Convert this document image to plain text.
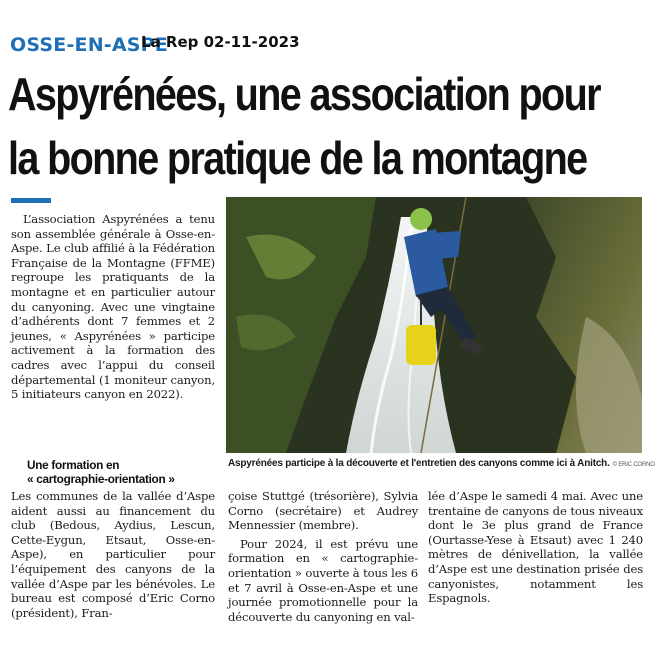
OSSE-EN-ASPE
La Rep 02-11-2023
Aspyrénées, une association pour
la bonne pratique de la montagne
L’association Aspyrénées a tenu son assemblée générale à Osse-en-Aspe. Le club affilié à la Fédération Française de la Montagne (FFME) regroupe les pratiquants de la montagne et en particulier autour du canyoning. Avec une vingtaine d’adhérents dont 7 femmes et 2 jeunes, « Aspyrénées » participe activement à la formation des cadres avec l’appui du conseil départemental (1 moniteur canyon, 5 initiateurs canyon en 2022).
Aspyrénées participe à la découverte et l'entretien des canyons comme ici à Anitch. © ERIC CORNO
Une formation en
« cartographie-orientation »
Les communes de la vallée d’Aspe aident aussi au financement du club (Bedous, Aydius, Lescun, Cette-Eygun, Etsaut, Osse-en-Aspe), en particulier pour l’équipement des canyons de la vallée d’Aspe par les bénévoles. Le bureau est composé d’Eric Corno (président), Fran-
çoise Stuttgé (trésorière), Sylvia Corno (secrétaire) et Audrey Mennessier (membre).
Pour 2024, il est prévu une formation en « cartographie-orientation » ouverte à tous les 6 et 7 avril à Osse-en-Aspe et une journée promotionnelle pour la découverte du canyoning en val-
lée d’Aspe le samedi 4 mai. Avec une trentaine de canyons de tous niveaux dont le 3e plus grand de France (Ourtasse-Yese à Etsaut) avec 1 240 mètres de dénivellation, la vallée d’Aspe est une destination prisée des canyonistes, notamment les Espagnols.
